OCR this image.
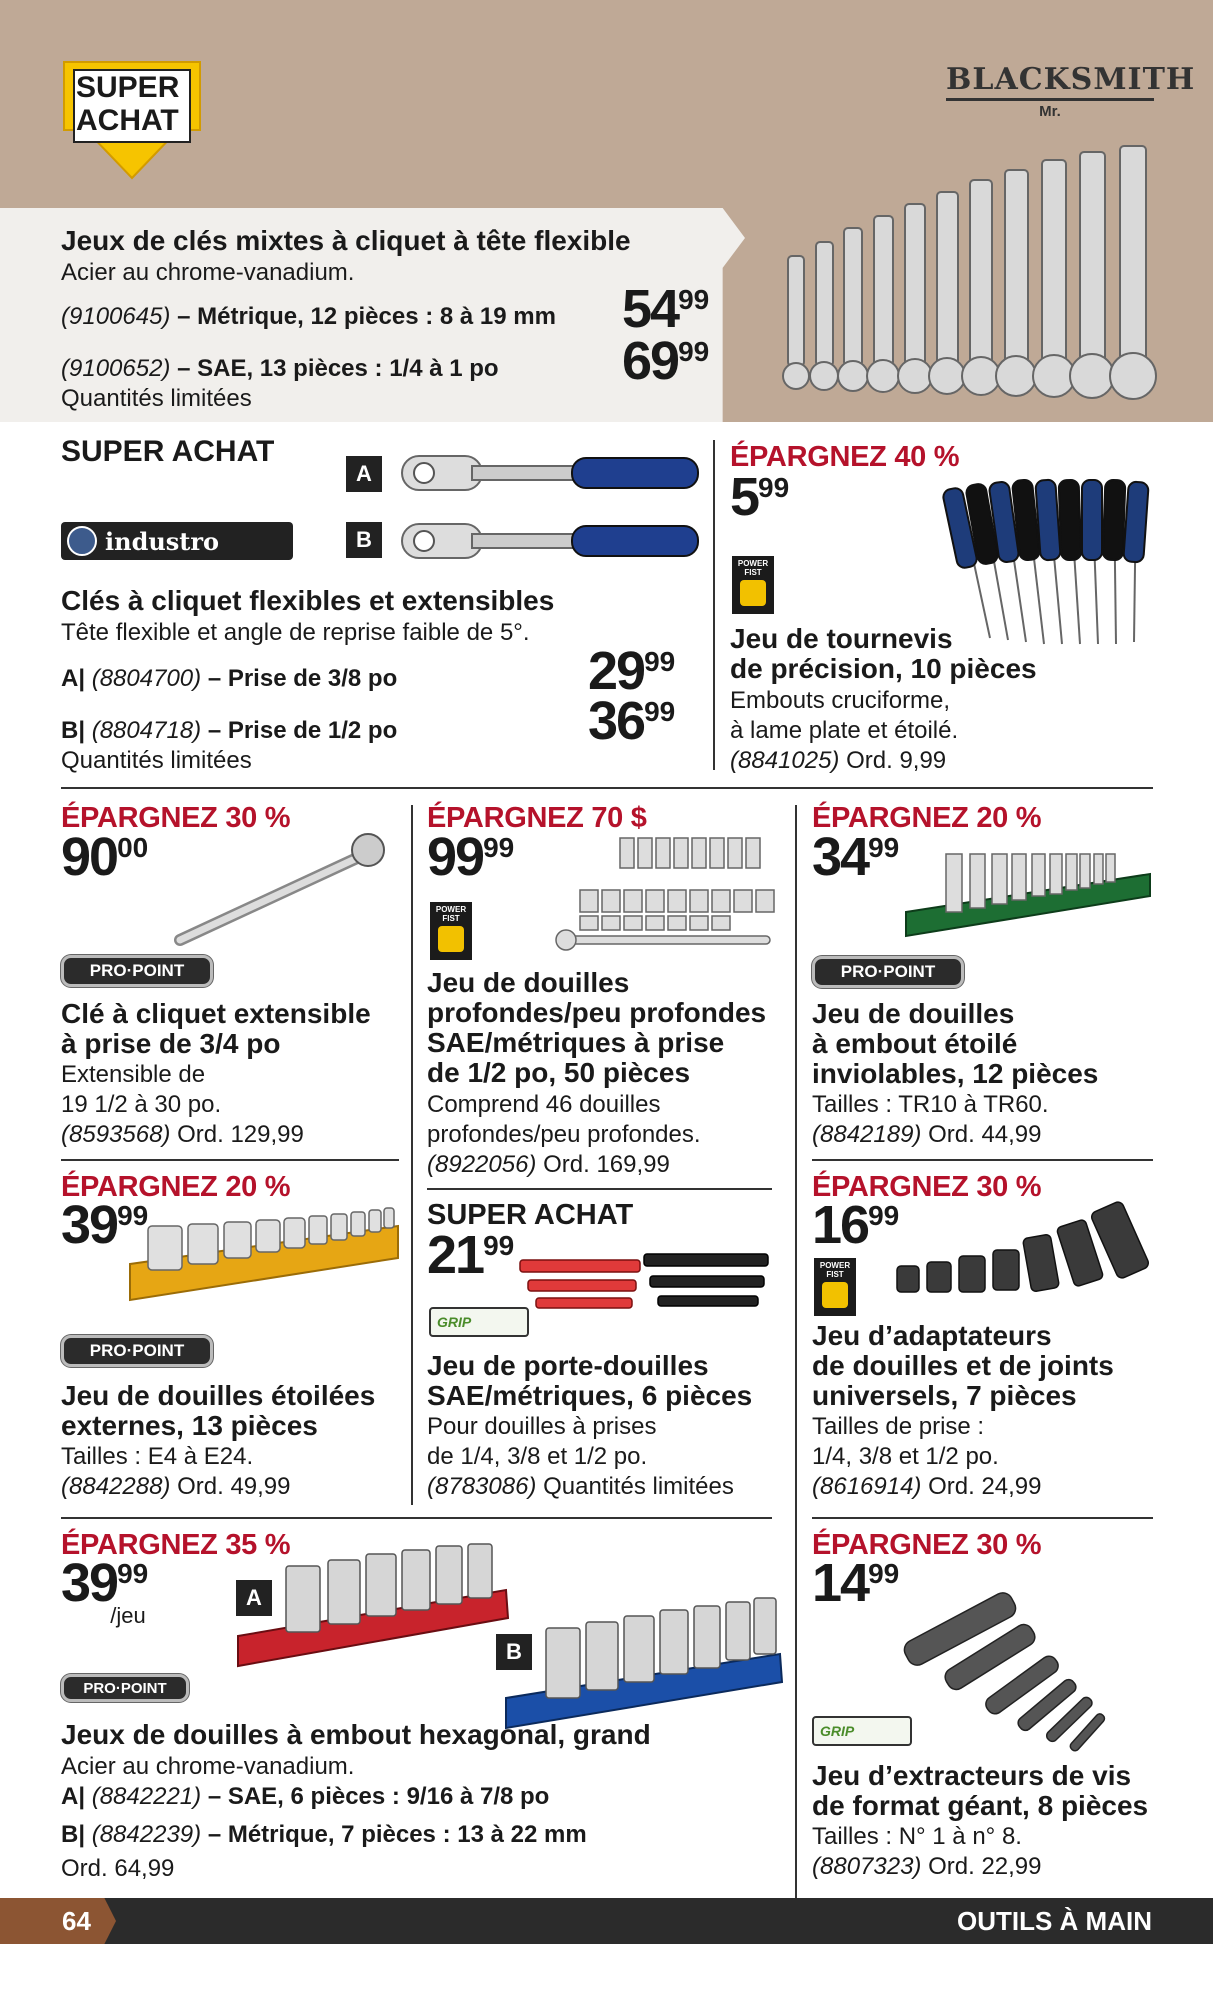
SUPER
ACHAT
BLACKSMITH
Mr.
Jeux de clés mixtes à cliquet à tête flexible
Acier au chrome-vanadium.
(9100645) – Métrique, 12 pièces : 8 à 19 mm
(9100652) – SAE, 13 pièces : 1/4 à 1 po
Quantités limitées
5499
6999
SUPER ACHAT
industro
A
B
Clés à cliquet flexibles et extensibles
Tête flexible et angle de reprise faible de 5°.
A| (8804700) – Prise de 3/8 po
B| (8804718) – Prise de 1/2 po
Quantités limitées
2999
3699
ÉPARGNEZ 40 %
599
POWER FIST
Jeu de tournevis
de précision, 10 pièces
Embouts cruciforme,
à lame plate et étoilé.
(8841025) Ord. 9,99
ÉPARGNEZ 30 %
9000
PRO·POINT
Clé à cliquet extensible
à prise de 3/4 po
Extensible de
19 1/2 à 30 po.
(8593568) Ord. 129,99
ÉPARGNEZ 70 $
9999
POWER FIST
Jeu de douilles
profondes/peu profondes
SAE/métriques à prise
de 1/2 po, 50 pièces
Comprend 46 douilles
profondes/peu profondes.
(8922056) Ord. 169,99
ÉPARGNEZ 20 %
3499
PRO·POINT
Jeu de douilles
à embout étoilé
inviolables, 12 pièces
Tailles : TR10 à TR60.
(8842189) Ord. 44,99
ÉPARGNEZ 20 %
3999
PRO·POINT
Jeu de douilles étoilées
externes, 13 pièces
Tailles : E4 à E24.
(8842288) Ord. 49,99
SUPER ACHAT
2199
GRIP
Jeu de porte-douilles
SAE/métriques, 6 pièces
Pour douilles à prises
de 1/4, 3/8 et 1/2 po.
(8783086) Quantités limitées
ÉPARGNEZ 30 %
1699
POWER FIST
Jeu d’adaptateurs
de douilles et de joints
universels, 7 pièces
Tailles de prise :
1/4, 3/8 et 1/2 po.
(8616914) Ord. 24,99
ÉPARGNEZ 35 %
3999/jeu
A
B
PRO·POINT
Jeux de douilles à embout hexagonal, grand
Acier au chrome-vanadium.
A| (8842221) – SAE, 6 pièces : 9/16 à 7/8 po
B| (8842239) – Métrique, 7 pièces : 13 à 22 mm
Ord. 64,99
ÉPARGNEZ 30 %
1499
GRIP
Jeu d’extracteurs de vis
de format géant, 8 pièces
Tailles : N° 1 à n° 8.
(8807323) Ord. 22,99
64	OUTILS À MAIN
